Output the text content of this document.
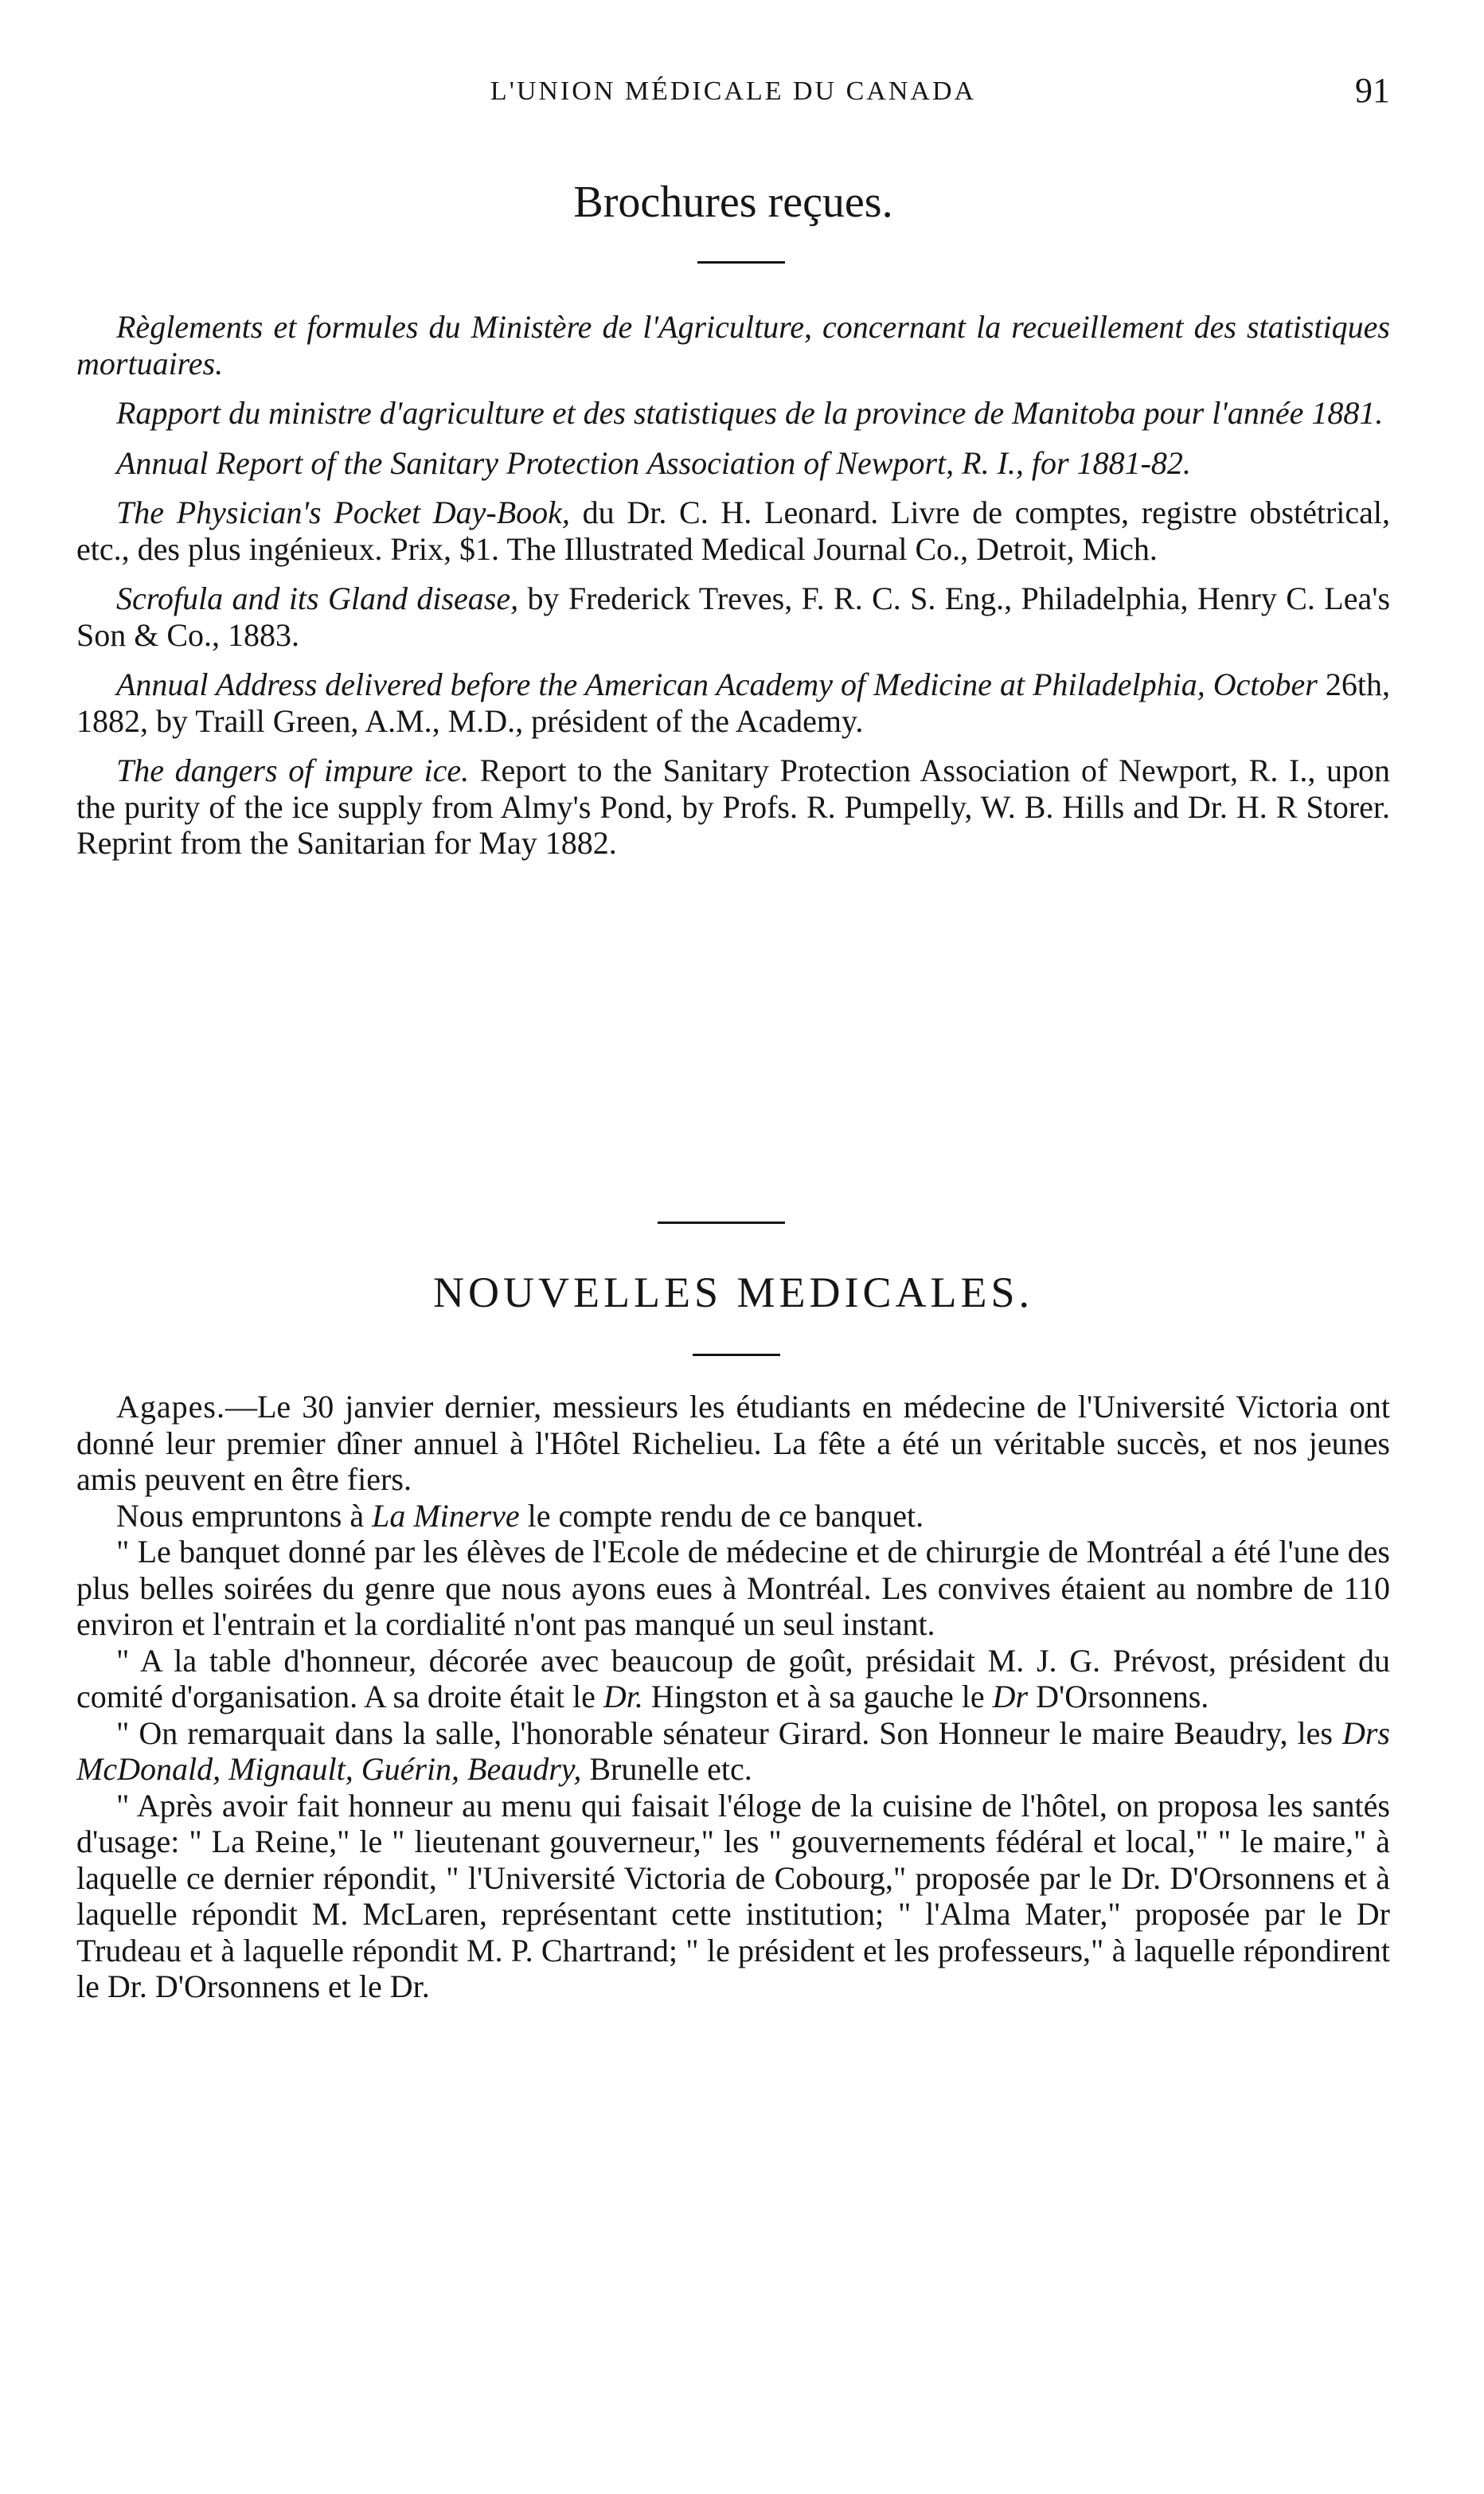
L'UNION MÉDICALE DU CANADA	91
Brochures reçues.

Règlements et formules du Ministère de l'Agriculture, concernant la recueillement des statistiques mortuaires.

Rapport du ministre d'agriculture et des statistiques de la province de Manitoba pour l'année 1881.

Annual Report of the Sanitary Protection Association of Newport, R. I., for 1881-82.

The Physician's Pocket Day-Book, du Dr. C. H. Leonard. Livre de comptes, registre obstétrical, etc., des plus ingénieux. Prix, $1. The Illustrated Medical Journal Co., Detroit, Mich.

Scrofula and its Gland disease, by Frederick Treves, F. R. C. S. Eng., Philadelphia, Henry C. Lea's Son & Co., 1883.

Annual Address delivered before the American Academy of Medicine at Philadelphia, October 26th, 1882, by Traill Green, A.M., M.D., président of the Academy.

The dangers of impure ice. Report to the Sanitary Protection Association of Newport, R. I., upon the purity of the ice supply from Almy's Pond, by Profs. R. Pumpelly, W. B. Hills and Dr. H. R Storer. Reprint from the Sanitarian for May 1882.

NOUVELLES MEDICALES.

Agapes.—Le 30 janvier dernier, messieurs les étudiants en médecine de l'Université Victoria ont donné leur premier dîner annuel à l'Hôtel Richelieu. La fête a été un véritable succès, et nos jeunes amis peuvent en être fiers.

Nous empruntons à La Minerve le compte rendu de ce banquet.

" Le banquet donné par les élèves de l'Ecole de médecine et de chirurgie de Montréal a été l'une des plus belles soirées du genre que nous ayons eues à Montréal. Les convives étaient au nombre de 110 environ et l'entrain et la cordialité n'ont pas manqué un seul instant.

" A la table d'honneur, décorée avec beaucoup de goût, présidait M. J. G. Prévost, président du comité d'organisation. A sa droite était le Dr. Hingston et à sa gauche le Dr D'Orsonnens.

" On remarquait dans la salle, l'honorable sénateur Girard. Son Honneur le maire Beaudry, les Drs McDonald, Mignault, Guérin, Beaudry, Brunelle etc.

" Après avoir fait honneur au menu qui faisait l'éloge de la cuisine de l'hôtel, on proposa les santés d'usage: " La Reine," le " lieutenant gouverneur," les " gouvernements fédéral et local," " le maire," à laquelle ce dernier répondit, " l'Université Victoria de Cobourg," proposée par le Dr. D'Orsonnens et à laquelle répondit M. McLaren, représentant cette institution; " l'Alma Mater," proposée par le Dr Trudeau et à laquelle répondit M. P. Chartrand; " le président et les professeurs," à laquelle répondirent le Dr. D'Orsonnens et le Dr.
